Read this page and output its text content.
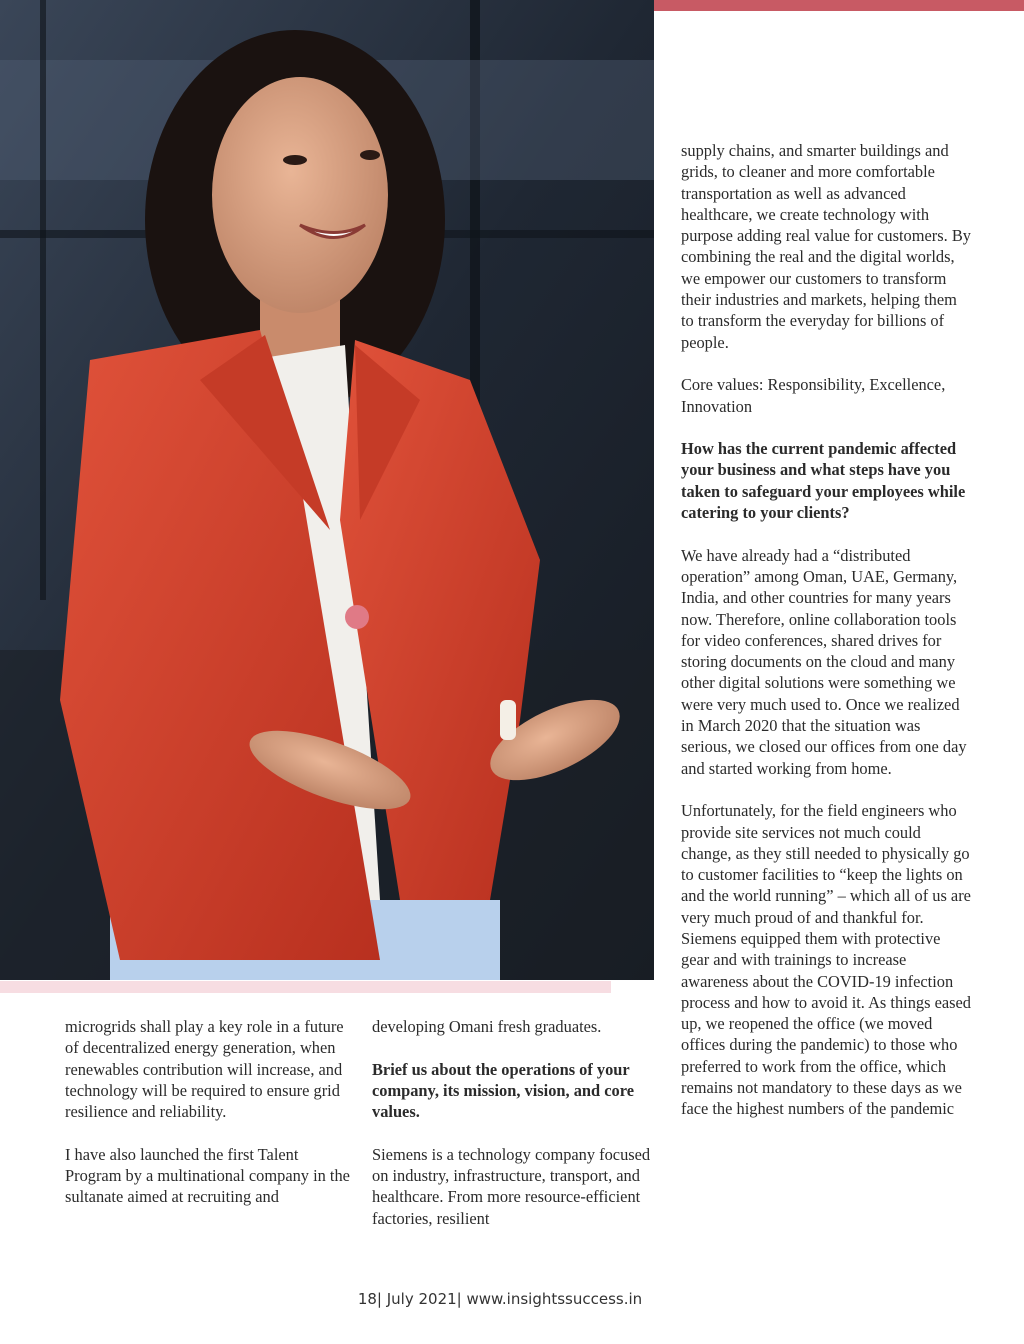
supply chains, and smarter buildings and grids, to cleaner and more comfortable transportation as well as advanced healthcare, we create technology with purpose adding real value for customers. By combining the real and the digital worlds, we empower our customers to transform their industries and markets, helping them to transform the everyday for billions of people.

Core values: Responsibility, Excellence, Innovation

How has the current pandemic affected your business and what steps have you taken to safeguard your employees while catering to your clients?

We have already had a “distributed operation” among Oman, UAE, Germany, India, and other countries for many years now. Therefore, online collaboration tools for video conferences, shared drives for storing documents on the cloud and many other digital solutions were something we were very much used to. Once we realized in March 2020 that the situation was serious, we closed our offices from one day and started working from home.

Unfortunately, for the field engineers who provide site services not much could change, as they still needed to physically go to customer facilities to “keep the lights on and the world running” – which all of us are very much proud of and thankful for. Siemens equipped them with protective gear and with trainings to increase awareness about the COVID-19 infection process and how to avoid it. As things eased up, we reopened the office (we moved offices during the pandemic) to those who preferred to work from the office, which remains not mandatory to these days as we face the highest numbers of the pandemic

microgrids shall play a key role in a future of decentralized energy generation, when renewables contribution will increase, and technology will be required to ensure grid resilience and reliability.

I have also launched the first Talent Program by a multinational company in the sultanate aimed at recruiting and

developing Omani fresh graduates.

Brief us about the operations of your company, its mission, vision, and core values.

Siemens is a technology company focused on industry, infrastructure, transport, and healthcare. From more resource-efficient factories, resilient

18| July 2021| www.insightssuccess.in
